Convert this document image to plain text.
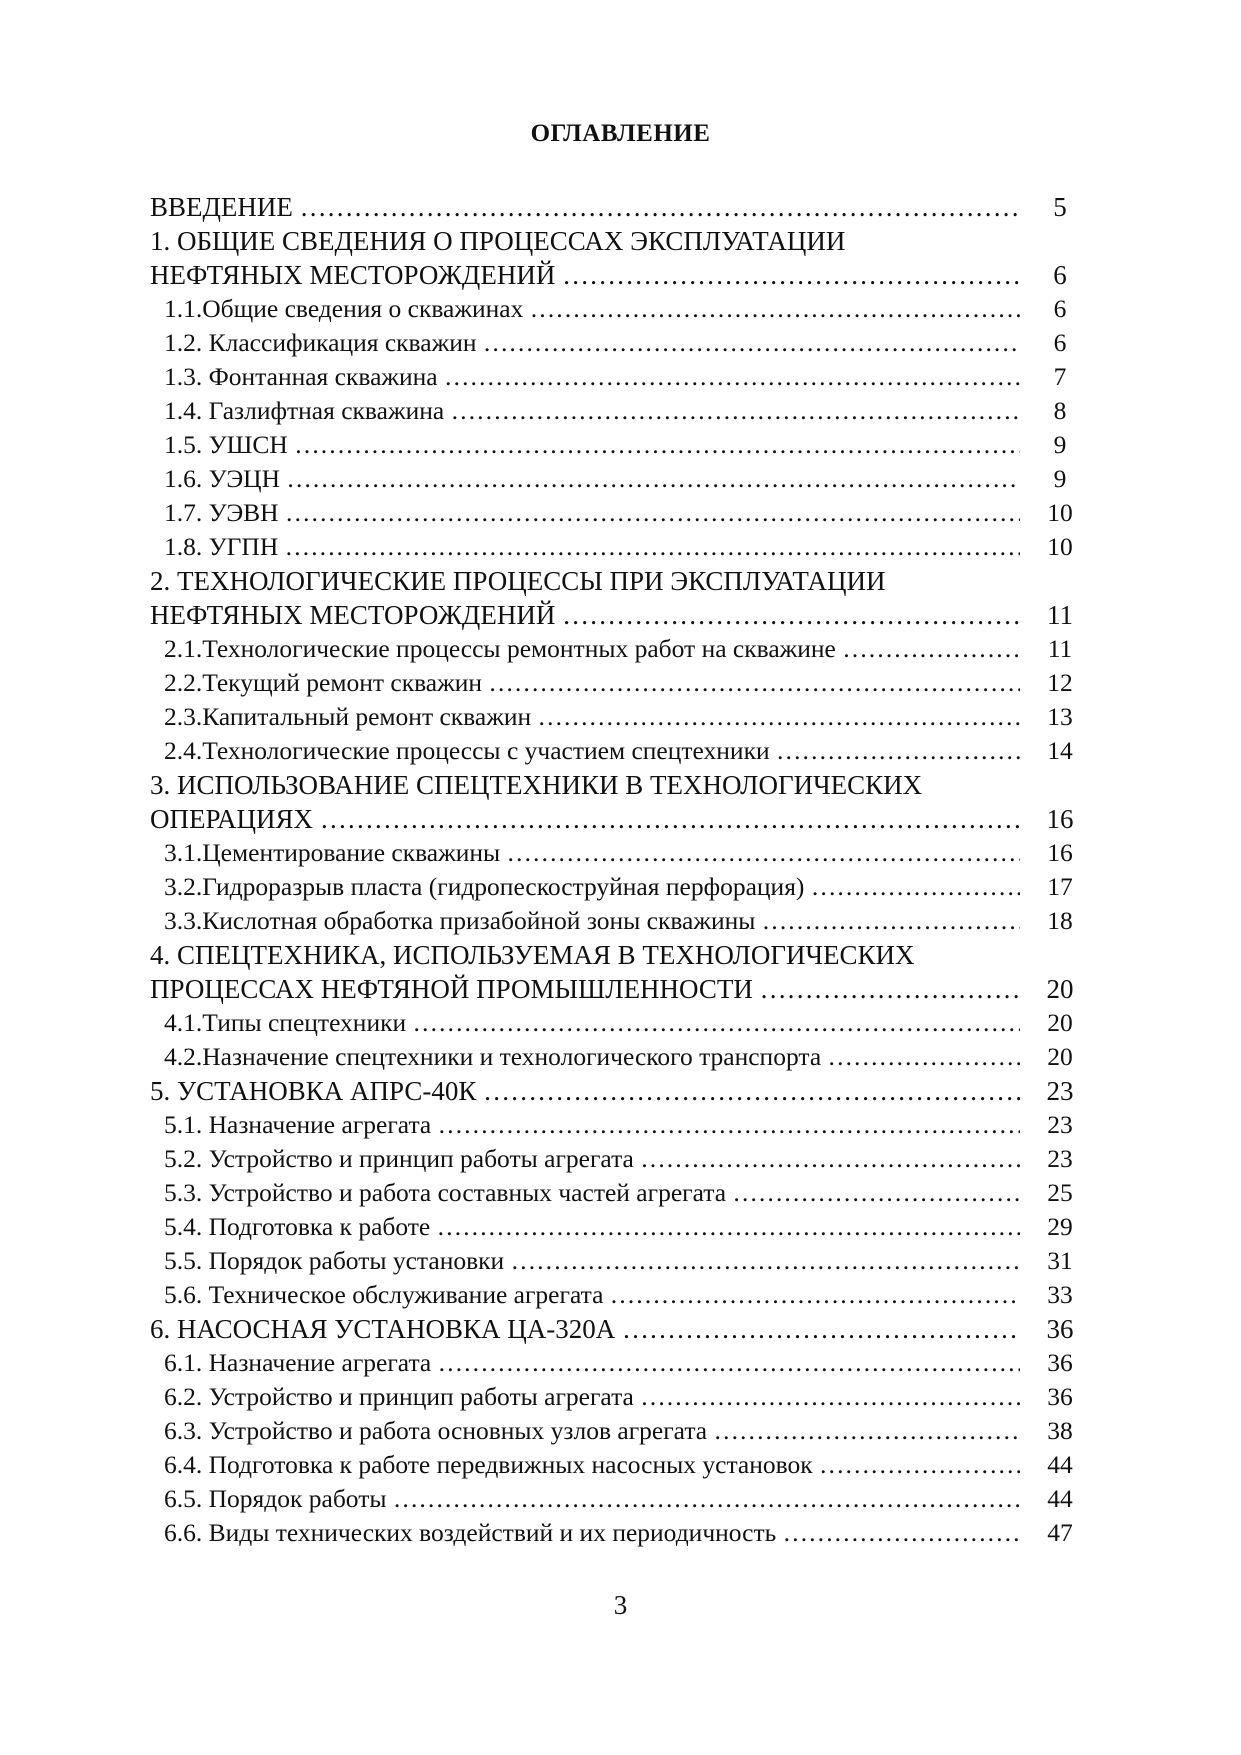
ОГЛАВЛЕНИЕ
ВВЕДЕНИЕ ……………………………………………………………………………………………………………………………………	5
1. ОБЩИЕ СВЕДЕНИЯ О ПРОЦЕССАХ ЭКСПЛУАТАЦИИ
НЕФТЯНЫХ МЕСТОРОЖДЕНИЙ ……………………………………………………………………………………………………………………………………	6
1.1.Общие сведения о скважинах ……………………………………………………………………………………………………………………………………	6
1.2. Классификация скважин ……………………………………………………………………………………………………………………………………	6
1.3. Фонтанная скважина ……………………………………………………………………………………………………………………………………	7
1.4. Газлифтная скважина ……………………………………………………………………………………………………………………………………	8
1.5. УШСН ……………………………………………………………………………………………………………………………………	9
1.6. УЭЦН ……………………………………………………………………………………………………………………………………	9
1.7. УЭВН ……………………………………………………………………………………………………………………………………	10
1.8. УГПН ……………………………………………………………………………………………………………………………………	10
2. ТЕХНОЛОГИЧЕСКИЕ ПРОЦЕССЫ ПРИ ЭКСПЛУАТАЦИИ
НЕФТЯНЫХ МЕСТОРОЖДЕНИЙ ……………………………………………………………………………………………………………………………………	11
2.1.Технологические процессы ремонтных работ на скважине ……………………………………………………………………………………………………………………………………	11
2.2.Текущий ремонт скважин ……………………………………………………………………………………………………………………………………	12
2.3.Капитальный ремонт скважин ……………………………………………………………………………………………………………………………………	13
2.4.Технологические процессы с участием спецтехники ……………………………………………………………………………………………………………………………………	14
3. ИСПОЛЬЗОВАНИЕ СПЕЦТЕХНИКИ В ТЕХНОЛОГИЧЕСКИХ
ОПЕРАЦИЯХ ……………………………………………………………………………………………………………………………………	16
3.1.Цементирование скважины ……………………………………………………………………………………………………………………………………	16
3.2.Гидроразрыв пласта (гидропескоструйная перфорация) ……………………………………………………………………………………………………………………………………	17
3.3.Кислотная обработка призабойной зоны скважины ……………………………………………………………………………………………………………………………………	18
4. СПЕЦТЕХНИКА, ИСПОЛЬЗУЕМАЯ В ТЕХНОЛОГИЧЕСКИХ
ПРОЦЕССАХ НЕФТЯНОЙ ПРОМЫШЛЕННОСТИ ……………………………………………………………………………………………………………………………………	20
4.1.Типы спецтехники ……………………………………………………………………………………………………………………………………	20
4.2.Назначение спецтехники и технологического транспорта ……………………………………………………………………………………………………………………………………	20
5. УСТАНОВКА АПРС-40К ……………………………………………………………………………………………………………………………………	23
5.1. Назначение агрегата ……………………………………………………………………………………………………………………………………	23
5.2. Устройство и принцип работы агрегата ……………………………………………………………………………………………………………………………………	23
5.3. Устройство и работа составных частей агрегата ……………………………………………………………………………………………………………………………………	25
5.4. Подготовка к работе ……………………………………………………………………………………………………………………………………	29
5.5. Порядок работы установки ……………………………………………………………………………………………………………………………………	31
5.6. Техническое обслуживание агрегата ……………………………………………………………………………………………………………………………………	33
6. НАСОСНАЯ УСТАНОВКА ЦА-320А ……………………………………………………………………………………………………………………………………	36
6.1. Назначение агрегата ……………………………………………………………………………………………………………………………………	36
6.2. Устройство и принцип работы агрегата ……………………………………………………………………………………………………………………………………	36
6.3. Устройство и работа основных узлов агрегата ……………………………………………………………………………………………………………………………………	38
6.4. Подготовка к работе передвижных насосных установок ……………………………………………………………………………………………………………………………………	44
6.5. Порядок работы ……………………………………………………………………………………………………………………………………	44
6.6. Виды технических воздействий и их периодичность ……………………………………………………………………………………………………………………………………	47
3
